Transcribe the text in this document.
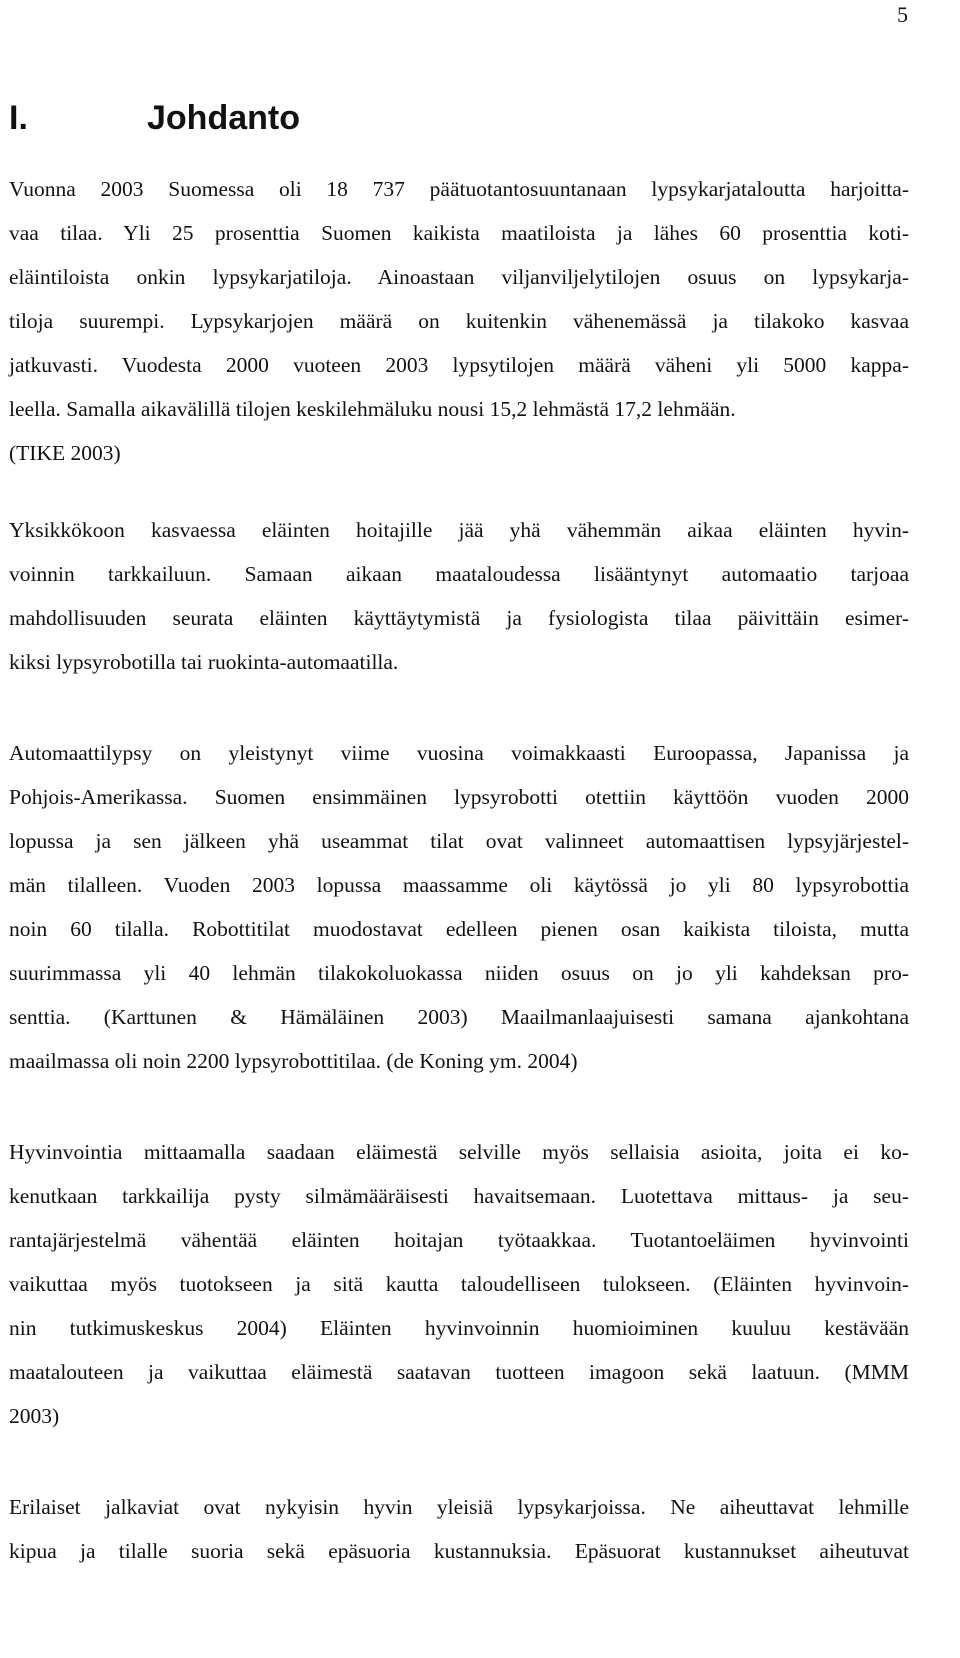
5
I.	Johdanto
Vuonna 2003 Suomessa oli 18 737 päätuotantosuuntanaan lypsykarjataloutta harjoitta-
vaa tilaa. Yli 25 prosenttia Suomen kaikista maatiloista ja lähes 60 prosenttia koti-
eläintiloista onkin lypsykarjatiloja. Ainoastaan viljanviljelytilojen osuus on lypsykarja-
tiloja suurempi. Lypsykarjojen määrä on kuitenkin vähenemässä ja tilakoko kasvaa
jatkuvasti. Vuodesta 2000 vuoteen 2003 lypsytilojen määrä väheni yli 5000 kappa-
leella. Samalla aikavälillä tilojen keskilehmäluku nousi 15,2 lehmästä 17,2 lehmään.
(TIKE 2003)
Yksikkökoon kasvaessa eläinten hoitajille jää yhä vähemmän aikaa eläinten hyvin-
voinnin tarkkailuun. Samaan aikaan maataloudessa lisääntynyt automaatio tarjoaa
mahdollisuuden seurata eläinten käyttäytymistä ja fysiologista tilaa päivittäin esimer-
kiksi lypsyrobotilla tai ruokinta-automaatilla.
Automaattilypsy on yleistynyt viime vuosina voimakkaasti Euroopassa, Japanissa ja
Pohjois-Amerikassa. Suomen ensimmäinen lypsyrobotti otettiin käyttöön vuoden 2000
lopussa ja sen jälkeen yhä useammat tilat ovat valinneet automaattisen lypsyjärjestel-
män tilalleen. Vuoden 2003 lopussa maassamme oli käytössä jo yli 80 lypsyrobottia
noin 60 tilalla. Robottitilat muodostavat edelleen pienen osan kaikista tiloista, mutta
suurimmassa yli 40 lehmän tilakokoluokassa niiden osuus on jo yli kahdeksan pro-
senttia. (Karttunen & Hämäläinen 2003) Maailmanlaajuisesti samana ajankohtana
maailmassa oli noin 2200 lypsyrobottitilaa. (de Koning ym. 2004)
Hyvinvointia mittaamalla saadaan eläimestä selville myös sellaisia asioita, joita ei ko-
kenutkaan tarkkailija pysty silmämääräisesti havaitsemaan. Luotettava mittaus- ja seu-
rantajärjestelmä vähentää eläinten hoitajan työtaakkaa. Tuotantoeläimen hyvinvointi
vaikuttaa myös tuotokseen ja sitä kautta taloudelliseen tulokseen. (Eläinten hyvinvoin-
nin tutkimuskeskus 2004) Eläinten hyvinvoinnin huomioiminen kuuluu kestävään
maatalouteen ja vaikuttaa eläimestä saatavan tuotteen imagoon sekä laatuun. (MMM
2003)
Erilaiset jalkaviat ovat nykyisin hyvin yleisiä lypsykarjoissa. Ne aiheuttavat lehmille
kipua ja tilalle suoria sekä epäsuoria kustannuksia. Epäsuorat kustannukset aiheutuvat
